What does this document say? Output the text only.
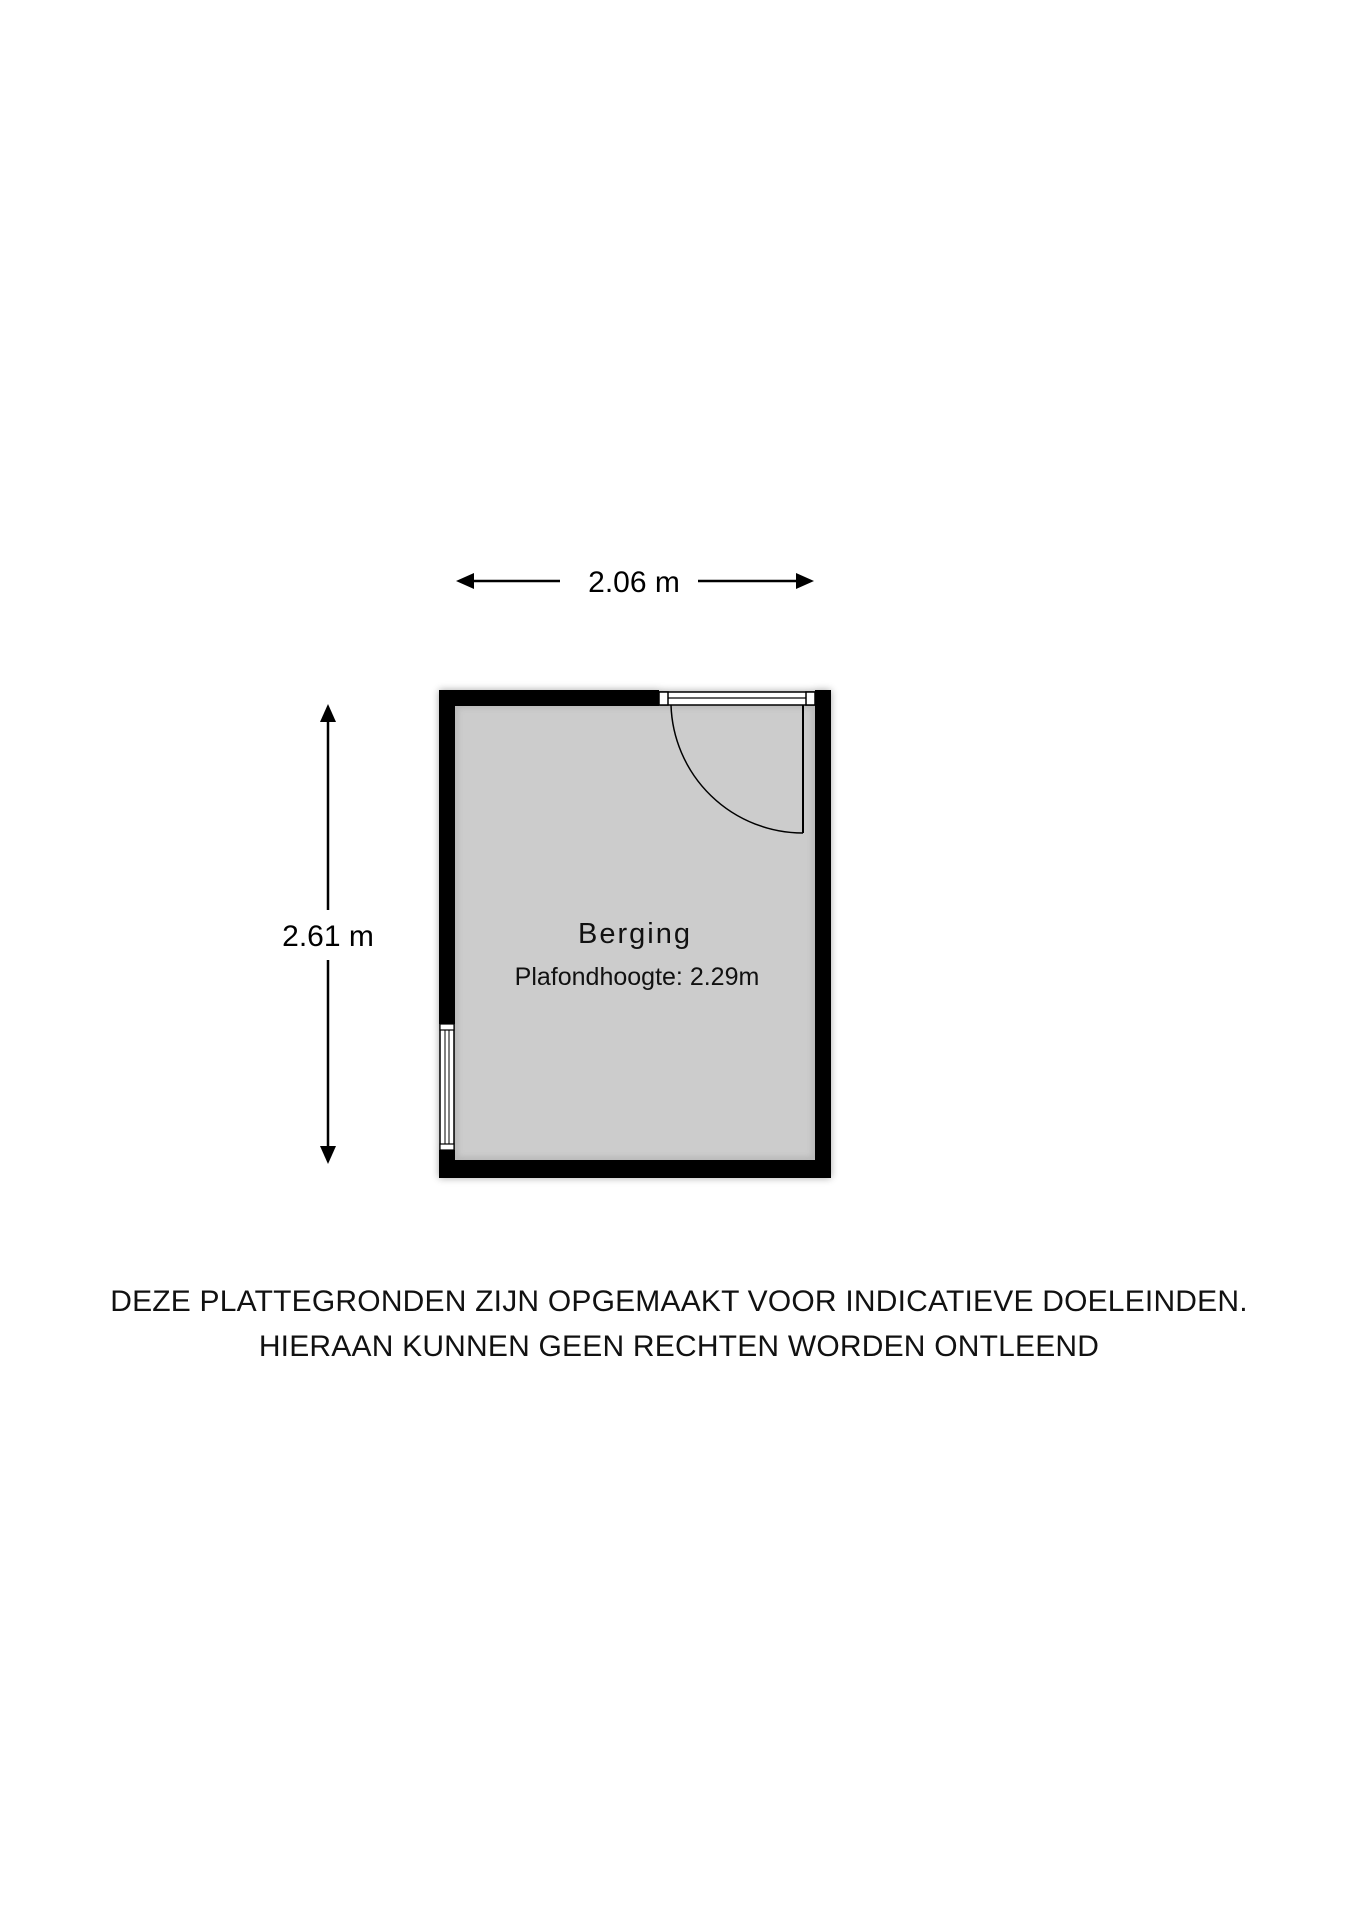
2.06 m
2.61 m	Berging
Plafondhoogte: 2.29m
DEZE PLATTEGRONDEN ZIJN OPGEMAAKT VOOR INDICATIEVE DOELEINDEN.
HIERAAN KUNNEN GEEN RECHTEN WORDEN ONTLEEND
